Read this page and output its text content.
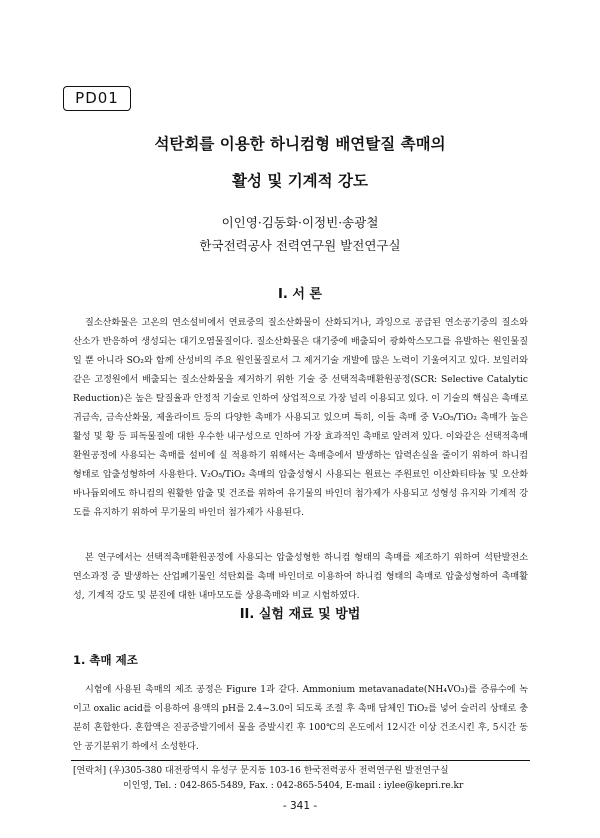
PD01
석탄회를 이용한 하니컴형 배연탈질 촉매의
활성 및 기계적 강도
이인영·김동화·이정빈·송광철
한국전력공사 전력연구원 발전연구실
I. 서 론

질소산화물은 고온의 연소설비에서 연료중의 질소산화물이 산화되거나, 과잉으로 공급된 연소공기중의 질소와 산소가 반응하여 생성되는 대기오염물질이다. 질소산화물은 대기중에 배출되어 광화학스모그를 유발하는 원인물질일 뿐 아니라 SO₂와 함께 산성비의 주요 원인물질로서 그 제거기술 개발에 많은 노력이 기울여지고 있다. 보일러와 같은 고정원에서 배출되는 질소산화물을 제거하기 위한 기술 중 선택적촉매환원공정(SCR: Selective Catalytic Reduction)은 높은 탈질율과 안정적 기술로 인하여 상업적으로 가장 널리 이용되고 있다. 이 기술의 핵심은 촉매로 귀금속, 금속산화물, 제올라이트 등의 다양한 촉매가 사용되고 있으며 특히, 이들 촉매 중 V₂O₅/TiO₂ 촉매가 높은 활성 및 황 등 피독물질에 대한 우수한 내구성으로 인하여 가장 효과적인 촉매로 알려져 있다. 이와같은 선택적촉매환원공정에 사용되는 촉매를 설비에 실 적용하기 위해서는 촉매층에서 발생하는 압력손실을 줄이기 위하여 하니컴형태로 압출성형하여 사용한다. V₂O₅/TiO₂ 촉매의 압출성형시 사용되는 원료는 주원료인 이산화티타늄 및 오산화바나듐외에도 하니컴의 원활한 압출 및 건조를 위하여 유기물의 바인더 첨가제가 사용되고 성형성 유지와 기계적 강도를 유지하기 위하여 무기물의 바인더 첨가제가 사용된다.

본 연구에서는 선택적촉매환원공정에 사용되는 압출성형한 하니컴 형태의 촉매를 제조하기 위하여 석탄발전소 연소과정 중 발생하는 산업폐기물인 석탄회를 촉매 바인더로 이용하여 하니컴 형태의 촉매로 압출성형하여 촉매활성, 기계적 강도 및 분진에 대한 내마모도를 상용촉매와 비교 시험하였다.

II. 실험 재료 및 방법
1. 촉매 제조

시험에 사용된 촉매의 제조 공정은 Figure 1과 같다. Ammonium metavanadate(NH₄VO₃)를 증류수에 녹이고 oxalic acid를 이용하여 용액의 pH를 2.4~3.0이 되도록 조절 후 촉매 담체인 TiO₂를 넣어 슬러리 상태로 충분히 혼합한다. 혼합액은 진공증발기에서 물을 증발시킨 후 100℃의 온도에서 12시간 이상 건조시킨 후, 5시간 동안 공기분위기 하에서 소성한다.

[연락처] (우)305-380 대전광역시 유성구 문지동 103-16 한국전력공사 전력연구원 발전연구실
이인영, Tel. : 042-865-5489, Fax. : 042-865-5404, E-mail : iylee@kepri.re.kr
- 341 -
